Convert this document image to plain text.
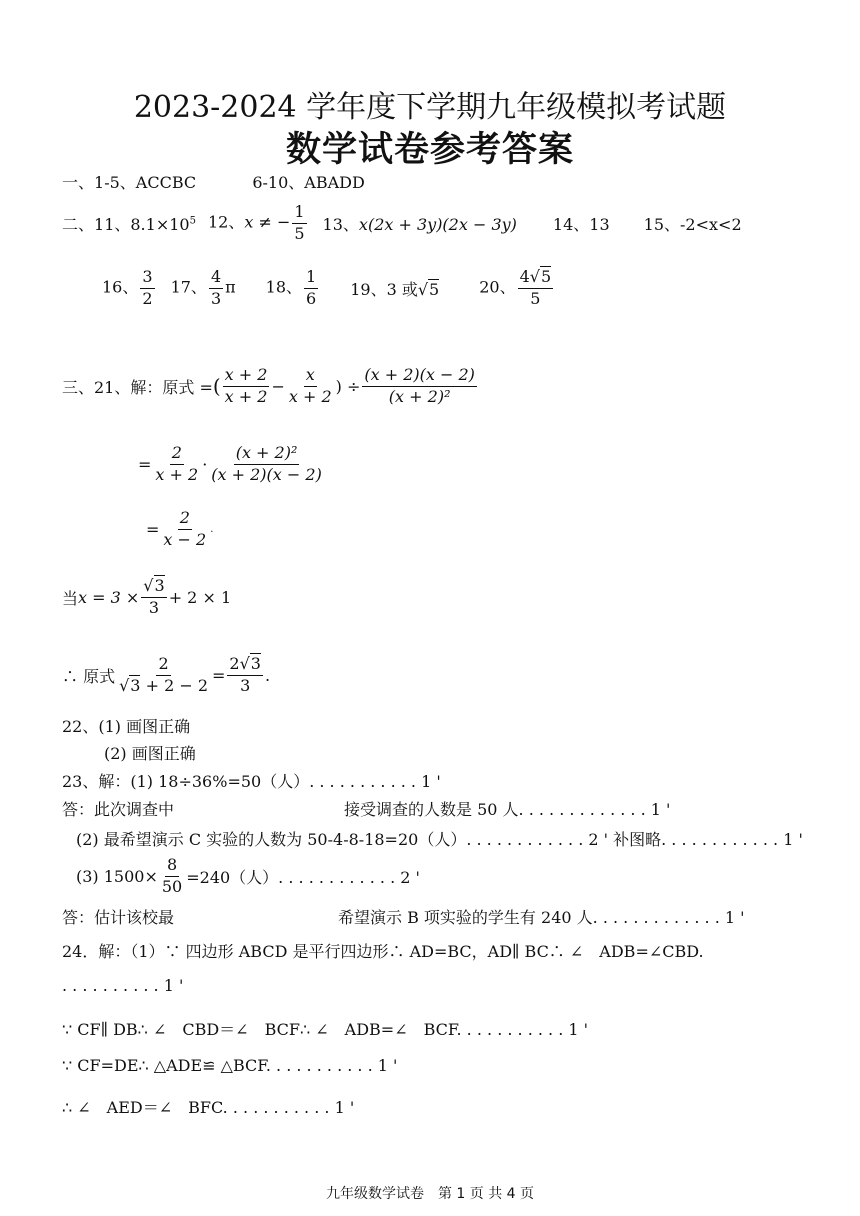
2023-2024 学年度下学期九年级模拟考试题
数学试卷参考答案
一、1-5、ACCBC	6-10、ABADD
二、 11、$8.1\times 10^5$ 12、x ≠ − $\frac{1}{5} 13$、x(2x + 3y)(2x − 3y) 14、13 15、-2<x<2
16、 $\frac{3}{2} 17$、 $\frac{4}{3}$ π 18、 $\frac{1}{6} 19$、3 或√5	20、 $\frac{4√5}{5}$
三、21、解：原式 = ( $\frac{x + 2}{x + 2} - \frac{x}{x + 2}$ ) ÷ $\frac{(x + 2)(x - 2)}{\text{(x + 2)²}}$
= $\frac{2}{x + 2} \cdot \frac{\text{(x + 2)²}}{(x + 2)(x - 2)}$
= $\frac{2}{x - 2}$ .
当 $x = 3 \times \frac{√3}{3} + 2 \times 1$
∴ 原式 $\frac{2}{√3 + 2 - 2} = \frac{2√3}{3}$ .
22、(1) 画图正确
(2) 画图正确
23、解：(1) 18÷36%=50（人）. . . . . . . . . . . 1 '
答：此次调查中	接受调查的人数是 50 人. . . . . . . . . . . . . 1 '
(2) 最希望演示 C 实验的人数为 50-4-8-18=20（人）. . . . . . . . . . . . 2 ' 补图略. . . . . . . . . . . . 1 '
(3) $1500\times \frac{8}{50} =240$（人）. . . . . . . . . . . . 2 '
答：估计该校最	希望演示 B 项实验的学生有 240 人. . . . . . . . . . . . . 1 '
24．解：（1）∵ 四边形 ABCD 是平行四边形∴ AD=BC，AD∥ BC∴ ∠　ADB=∠CBD.
. . . . . . . . . . 1 '
∵ CF∥ DB∴ ∠　CBD＝∠　BCF∴ ∠　ADB=∠　BCF. . . . . . . . . . . 1 '
∵ CF=DE∴ △ADE≌ △BCF. . . . . . . . . . . 1 '
∴ ∠　AED＝∠　BFC. . . . . . . . . . . 1 '
九年级数学试卷　第 1 页 共 4 页
